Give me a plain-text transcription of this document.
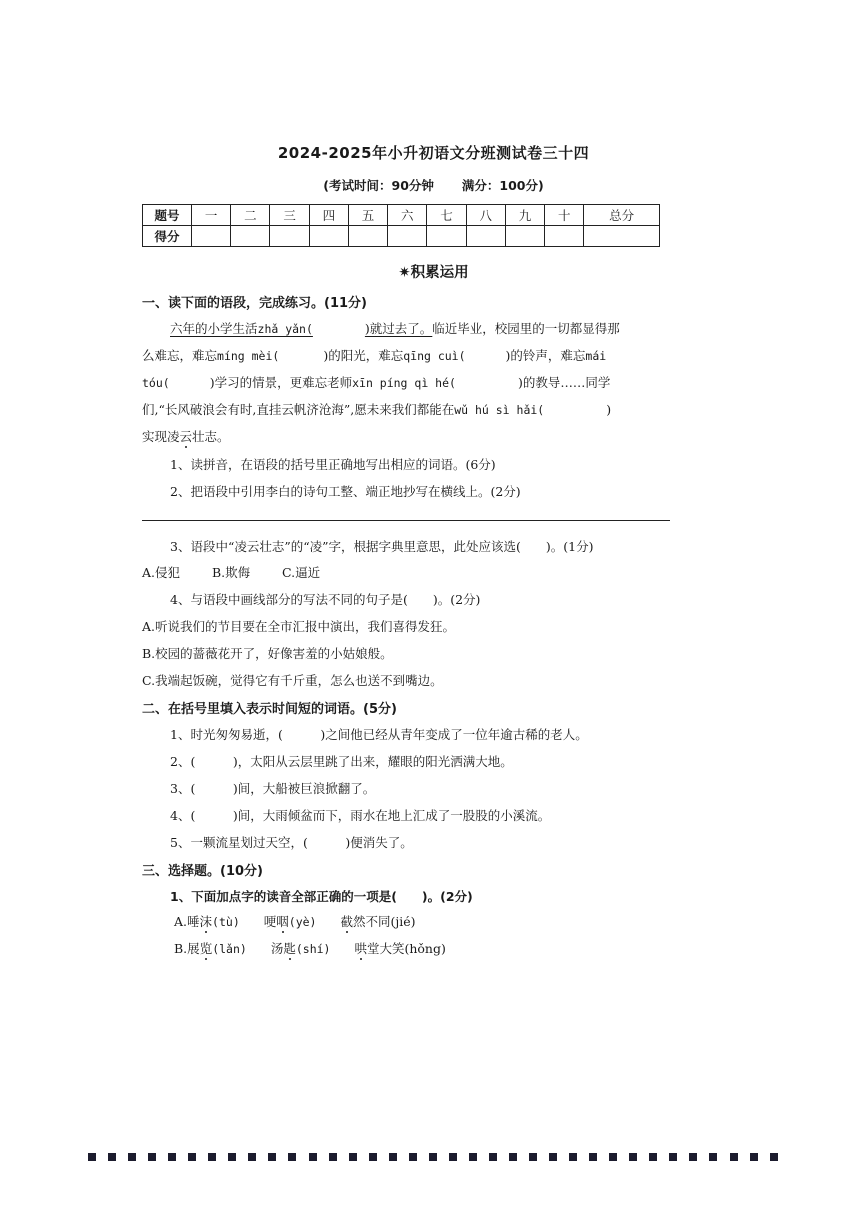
2024-2025年小升初语文分班测试卷三十四
(考试时间：90分钟 满分：100分)
题号	一	二	三	四	五	六	七	八	九	十	总分
得分											
✷积累运用
一、读下面的语段，完成练习。(11分)
六年的小学生活zhǎ yǎn(	)就过去了。临近毕业，校园里的一切都显得那
么难忘，难忘míng mèi(	)的阳光，难忘qīng cuì(	)的铃声，难忘mái
tóu(	)学习的情景，更难忘老师xīn píng qì hé(	)的教导……同学
们,“长风破浪会有时,直挂云帆济沧海”,愿未来我们都能在wǔ hú sì hǎi(	)
实现凌云壮志。
1、读拼音，在语段的括号里正确地写出相应的词语。(6分)
2、把语段中引用李白的诗句工整、端正地抄写在横线上。(2分)
3、语段中“凌云壮志”的“凌”字，根据字典里意思，此处应该选(　　)。(1分)
A.侵犯	B.欺侮	C.逼近
4、与语段中画线部分的写法不同的句子是(　　)。(2分)
A.听说我们的节目要在全市汇报中演出，我们喜得发狂。
B.校园的蔷薇花开了，好像害羞的小姑娘般。
C.我端起饭碗，觉得它有千斤重，怎么也送不到嘴边。
二、在括号里填入表示时间短的词语。(5分)
1、时光匆匆易逝，(　　　)之间他已经从青年变成了一位年逾古稀的老人。
2、(　　　)，太阳从云层里跳了出来，耀眼的阳光洒满大地。
3、(　　　)间，大船被巨浪掀翻了。
4、(　　　)间，大雨倾盆而下，雨水在地上汇成了一股股的小溪流。
5、一颗流星划过天空，(　　　)便消失了。
三、选择题。(10分)
1、下面加点字的读音全部正确的一项是(　　)。(2分)
A.唾沫(tù) 哽咽(yè) 截然不同(jié)
B.展览(lǎn) 汤匙(shí) 哄堂大笑(hǒng)
